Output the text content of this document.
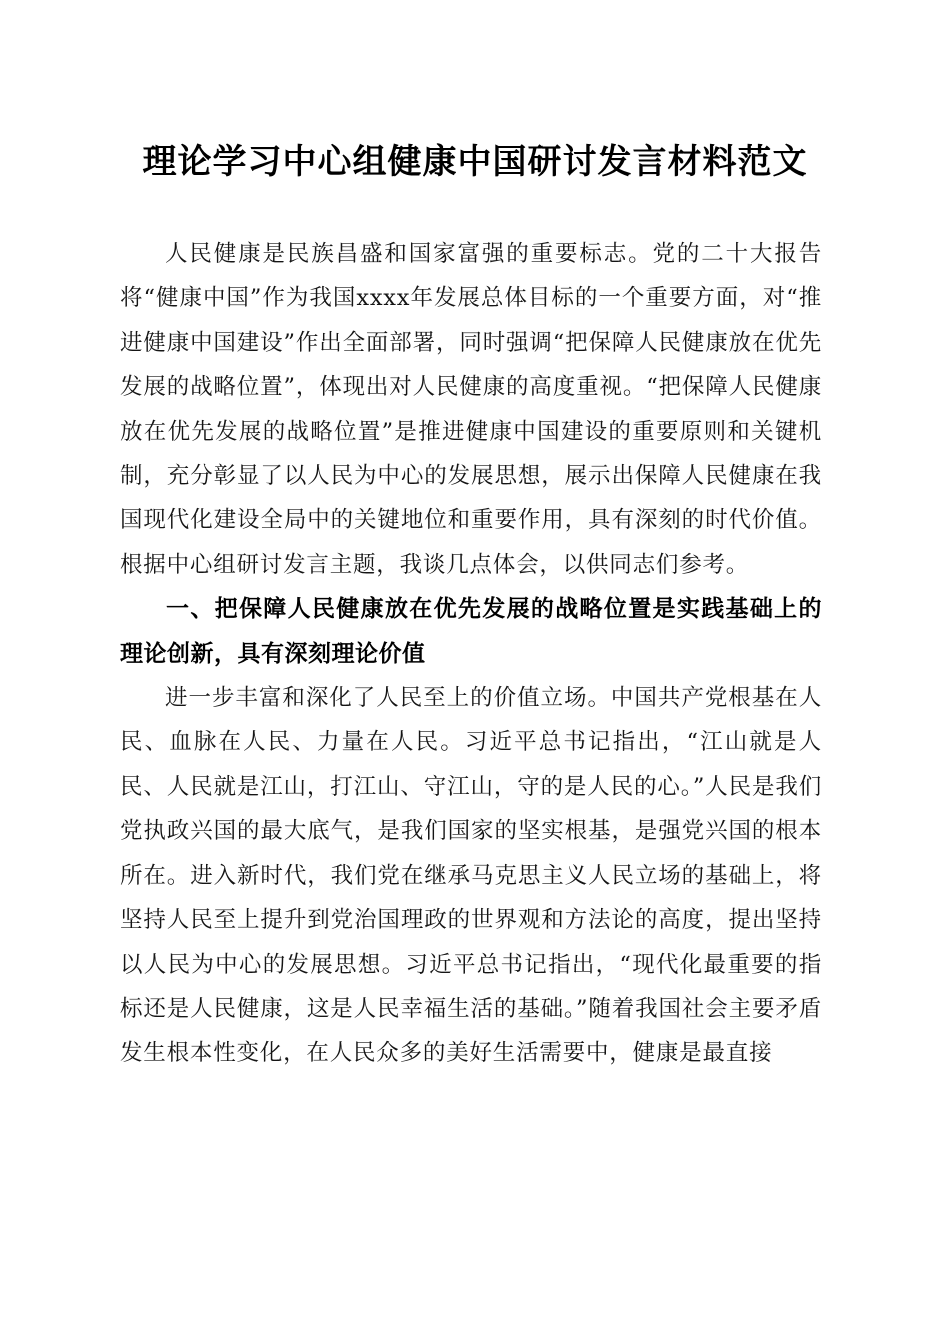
理论学习中心组健康中国研讨发言材料范文

人民健康是民族昌盛和国家富强的重要标志。党的二十大报告将“健康中国”作为我国xxxx年发展总体目标的一个重要方面，对“推进健康中国建设”作出全面部署，同时强调“把保障人民健康放在优先发展的战略位置”，体现出对人民健康的高度重视。“把保障人民健康放在优先发展的战略位置”是推进健康中国建设的重要原则和关键机制，充分彰显了以人民为中心的发展思想，展示出保障人民健康在我国现代化建设全局中的关键地位和重要作用，具有深刻的时代价值。根据中心组研讨发言主题，我谈几点体会，以供同志们参考。

一、把保障人民健康放在优先发展的战略位置是实践基础上的理论创新，具有深刻理论价值

进一步丰富和深化了人民至上的价值立场。中国共产党根基在人民、血脉在人民、力量在人民。习近平总书记指出，“江山就是人民、人民就是江山，打江山、守江山，守的是人民的心。”人民是我们党执政兴国的最大底气，是我们国家的坚实根基，是强党兴国的根本所在。进入新时代，我们党在继承马克思主义人民立场的基础上，将坚持人民至上提升到党治国理政的世界观和方法论的高度，提出坚持以人民为中心的发展思想。习近平总书记指出，“现代化最重要的指标还是人民健康，这是人民幸福生活的基础。”随着我国社会主要矛盾发生根本性变化，在人民众多的美好生活需要中，健康是最直接
